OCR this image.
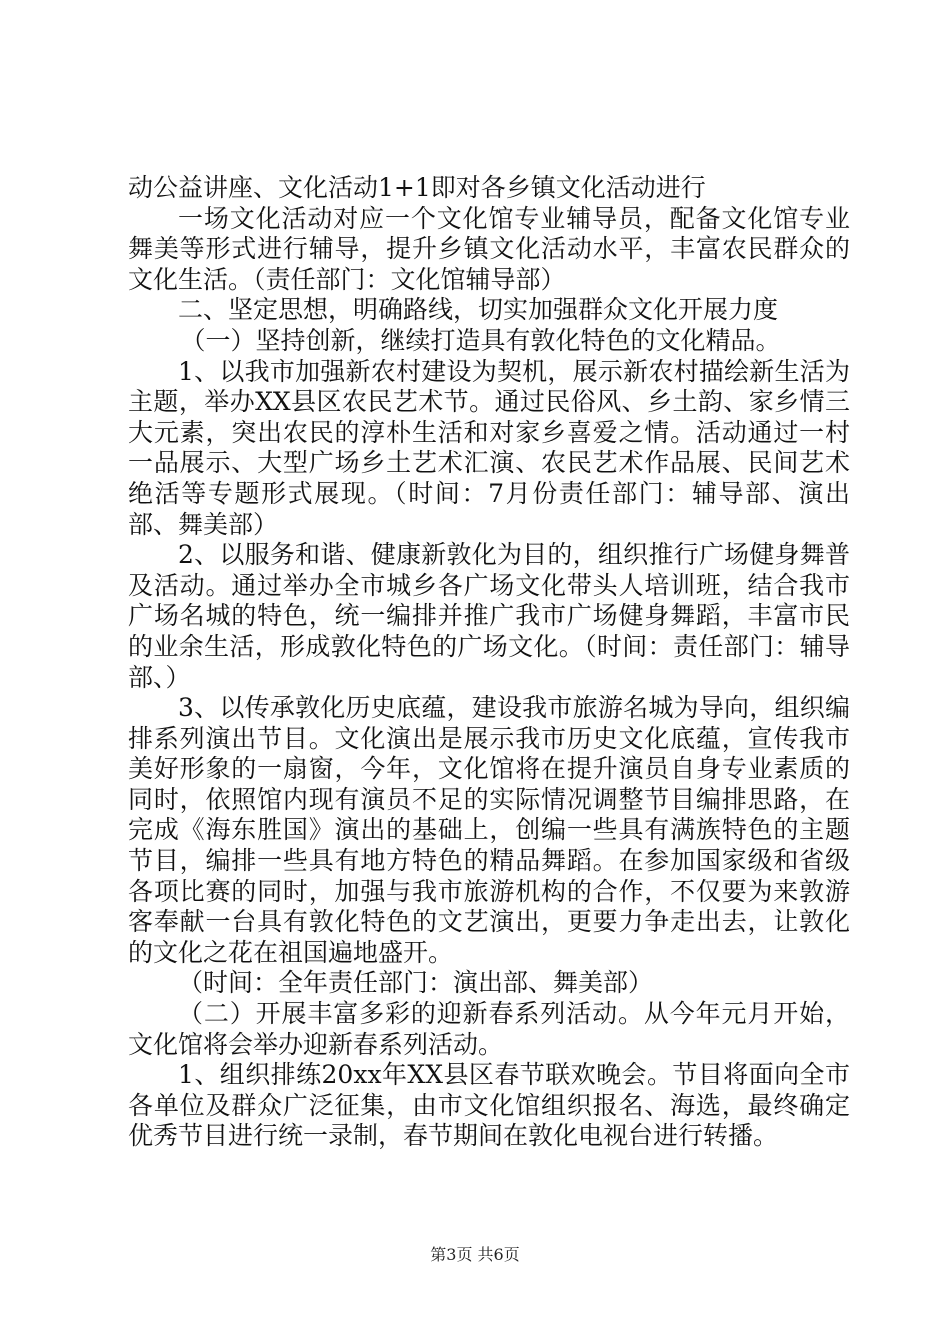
动公益讲座、文化活动1+1即对各乡镇文化活动进行

一场文化活动对应一个文化馆专业辅导员，配备文化馆专业舞美等形式进行辅导，提升乡镇文化活动水平，丰富农民群众的文化生活。（责任部门：文化馆辅导部）

二、坚定思想，明确路线，切实加强群众文化开展力度

（一）坚持创新，继续打造具有敦化特色的文化精品。

1、以我市加强新农村建设为契机，展示新农村描绘新生活为主题，举办XX县区农民艺术节。通过民俗风、乡土韵、家乡情三大元素，突出农民的淳朴生活和对家乡喜爱之情。活动通过一村一品展示、大型广场乡土艺术汇演、农民艺术作品展、民间艺术绝活等专题形式展现。（时间：7月份责任部门：辅导部、演出部、舞美部）

2、以服务和谐、健康新敦化为目的，组织推行广场健身舞普及活动。通过举办全市城乡各广场文化带头人培训班，结合我市广场名城的特色，统一编排并推广我市广场健身舞蹈，丰富市民的业余生活，形成敦化特色的广场文化。（时间：责任部门：辅导部、）

3、以传承敦化历史底蕴，建设我市旅游名城为导向，组织编排系列演出节目。文化演出是展示我市历史文化底蕴，宣传我市美好形象的一扇窗，今年，文化馆将在提升演员自身专业素质的同时，依照馆内现有演员不足的实际情况调整节目编排思路，在完成《海东胜国》演出的基础上，创编一些具有满族特色的主题节目，编排一些具有地方特色的精品舞蹈。在参加国家级和省级各项比赛的同时，加强与我市旅游机构的合作，不仅要为来敦游客奉献一台具有敦化特色的文艺演出，更要力争走出去，让敦化的文化之花在祖国遍地盛开。

（时间：全年责任部门：演出部、舞美部）

（二）开展丰富多彩的迎新春系列活动。从今年元月开始，文化馆将会举办迎新春系列活动。

1、组织排练20xx年XX县区春节联欢晚会。节目将面向全市各单位及群众广泛征集，由市文化馆组织报名、海选，最终确定优秀节目进行统一录制，春节期间在敦化电视台进行转播。

第3页 共6页
